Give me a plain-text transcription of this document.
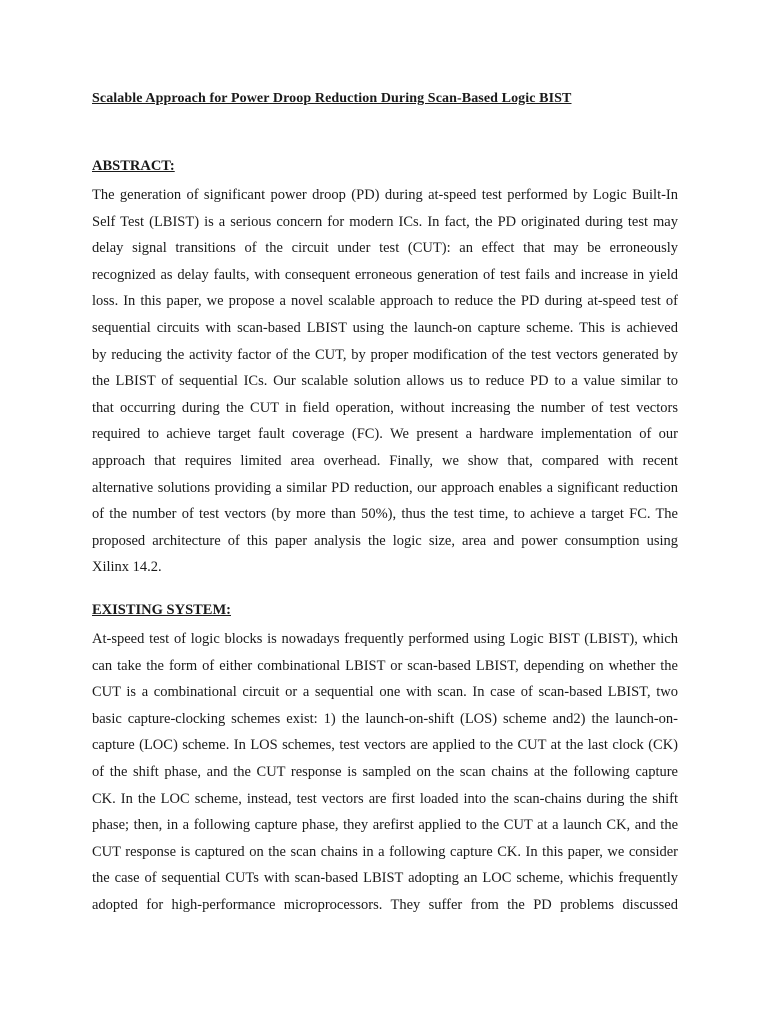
Scalable Approach for Power Droop Reduction During Scan-Based Logic BIST
ABSTRACT:
The generation of significant power droop (PD) during at-speed test performed by Logic Built-In
Self Test (LBIST) is a serious concern for modern ICs. In fact, the PD originated during test may
delay signal transitions of the circuit under test (CUT): an effect that may be erroneously
recognized as delay faults, with consequent erroneous generation of test fails and increase in yield
loss. In this paper, we propose a novel scalable approach to reduce the PD during at-speed test of
sequential circuits with scan-based LBIST using the launch-on capture scheme. This is achieved
by reducing the activity factor of the CUT, by proper modification of the test vectors generated by
the LBIST of sequential ICs. Our scalable solution allows us to reduce PD to a value similar to
that occurring during the CUT in field operation, without increasing the number of test vectors
required to achieve target fault coverage (FC). We present a hardware implementation of our
approach that requires limited area overhead. Finally, we show that, compared with recent
alternative solutions providing a similar PD reduction, our approach enables a significant reduction
of the number of test vectors (by more than 50%), thus the test time, to achieve a target FC. The
proposed architecture of this paper analysis the logic size, area and power consumption using
Xilinx 14.2.
EXISTING SYSTEM:
At-speed test of logic blocks is nowadays frequently performed using Logic BIST (LBIST), which
can take the form of either combinational LBIST or scan-based LBIST, depending on whether the
CUT is a combinational circuit or a sequential one with scan. In case of scan-based LBIST, two
basic capture-clocking schemes exist: 1) the launch-on-shift (LOS) scheme and2) the launch-on-
capture (LOC) scheme. In LOS schemes, test vectors are applied to the CUT at the last clock (CK)
of the shift phase, and the CUT response is sampled on the scan chains at the following capture
CK. In the LOC scheme, instead, test vectors are first loaded into the scan-chains during the shift
phase; then, in a following capture phase, they arefirst applied to the CUT at a launch CK, and the
CUT response is captured on the scan chains in a following capture CK. In this paper, we consider
the case of sequential CUTs with scan-based LBIST adopting an LOC scheme, whichis frequently
adopted for high-performance microprocessors. They suffer from the PD problems discussed
